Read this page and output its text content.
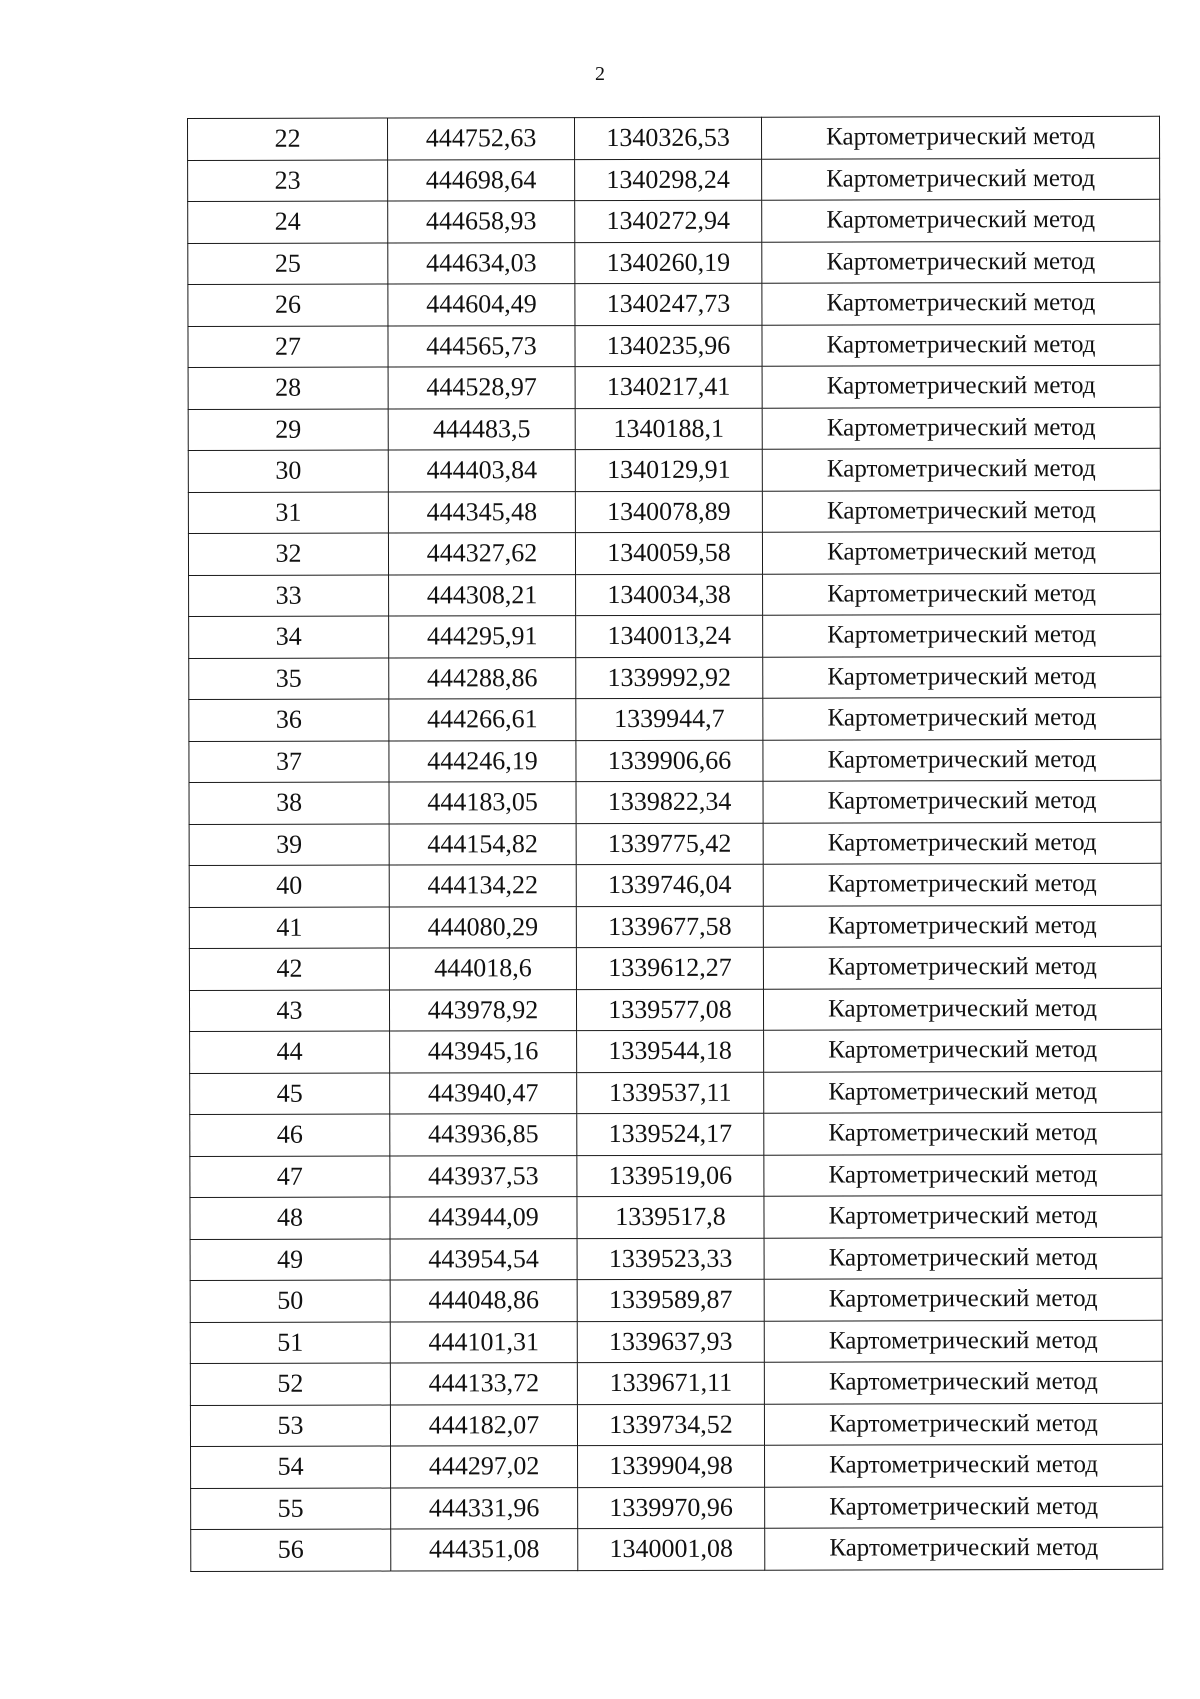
2
22	444752,63	1340326,53	Картометрический метод
23	444698,64	1340298,24	Картометрический метод
24	444658,93	1340272,94	Картометрический метод
25	444634,03	1340260,19	Картометрический метод
26	444604,49	1340247,73	Картометрический метод
27	444565,73	1340235,96	Картометрический метод
28	444528,97	1340217,41	Картометрический метод
29	444483,5	1340188,1	Картометрический метод
30	444403,84	1340129,91	Картометрический метод
31	444345,48	1340078,89	Картометрический метод
32	444327,62	1340059,58	Картометрический метод
33	444308,21	1340034,38	Картометрический метод
34	444295,91	1340013,24	Картометрический метод
35	444288,86	1339992,92	Картометрический метод
36	444266,61	1339944,7	Картометрический метод
37	444246,19	1339906,66	Картометрический метод
38	444183,05	1339822,34	Картометрический метод
39	444154,82	1339775,42	Картометрический метод
40	444134,22	1339746,04	Картометрический метод
41	444080,29	1339677,58	Картометрический метод
42	444018,6	1339612,27	Картометрический метод
43	443978,92	1339577,08	Картометрический метод
44	443945,16	1339544,18	Картометрический метод
45	443940,47	1339537,11	Картометрический метод
46	443936,85	1339524,17	Картометрический метод
47	443937,53	1339519,06	Картометрический метод
48	443944,09	1339517,8	Картометрический метод
49	443954,54	1339523,33	Картометрический метод
50	444048,86	1339589,87	Картометрический метод
51	444101,31	1339637,93	Картометрический метод
52	444133,72	1339671,11	Картометрический метод
53	444182,07	1339734,52	Картометрический метод
54	444297,02	1339904,98	Картометрический метод
55	444331,96	1339970,96	Картометрический метод
56	444351,08	1340001,08	Картометрический метод
